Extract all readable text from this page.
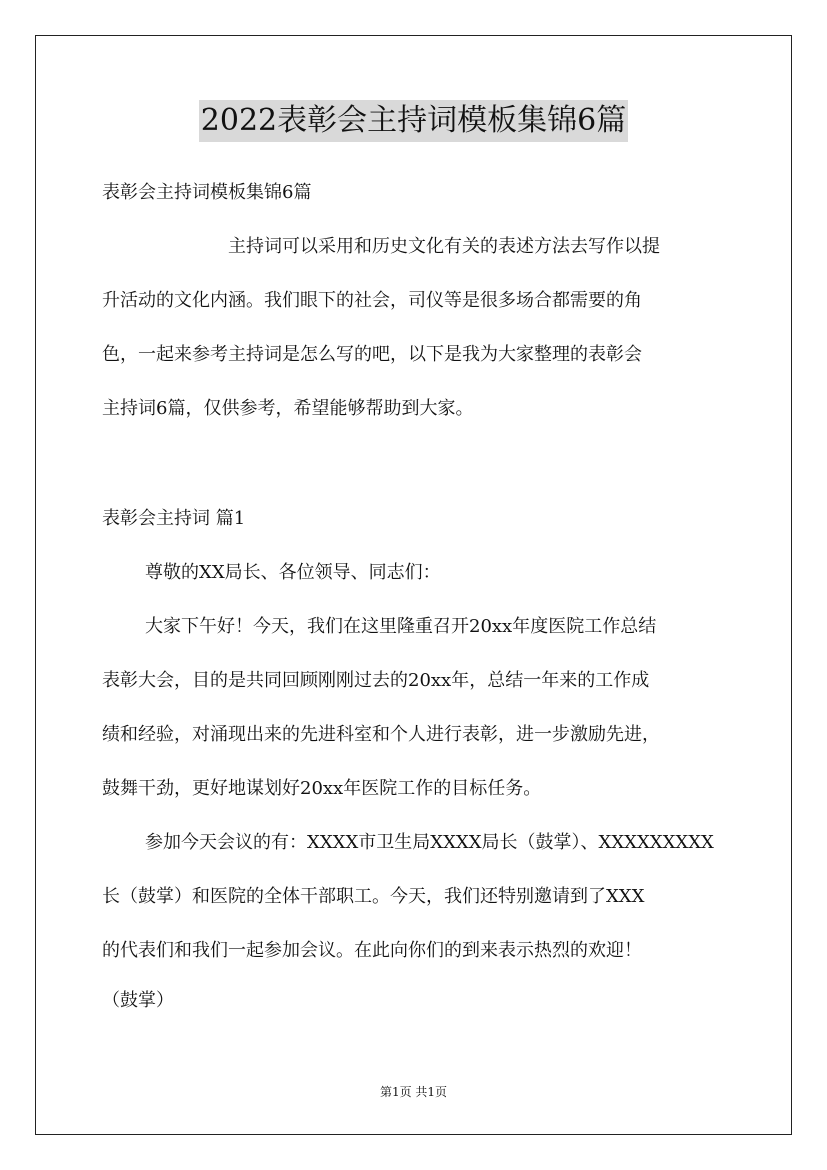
2022表彰会主持词模板集锦6篇
表彰会主持词模板集锦6篇
主持词可以采用和历史文化有关的表述方法去写作以提
升活动的文化内涵。我们眼下的社会，司仪等是很多场合都需要的角
色，一起来参考主持词是怎么写的吧，以下是我为大家整理的表彰会
主持词6篇，仅供参考，希望能够帮助到大家。
表彰会主持词 篇1
尊敬的XX局长、各位领导、同志们：
大家下午好！今天，我们在这里隆重召开20xx年度医院工作总结
表彰大会，目的是共同回顾刚刚过去的20xx年，总结一年来的工作成
绩和经验，对涌现出来的先进科室和个人进行表彰，进一步激励先进，
鼓舞干劲，更好地谋划好20xx年医院工作的目标任务。
参加今天会议的有：XXXX市卫生局XXXX局长（鼓掌）、XXXXXXXXX
长（鼓掌）和医院的全体干部职工。今天，我们还特别邀请到了XXX
的代表们和我们一起参加会议。在此向你们的到来表示热烈的欢迎！
（鼓掌）
第1页 共1页
